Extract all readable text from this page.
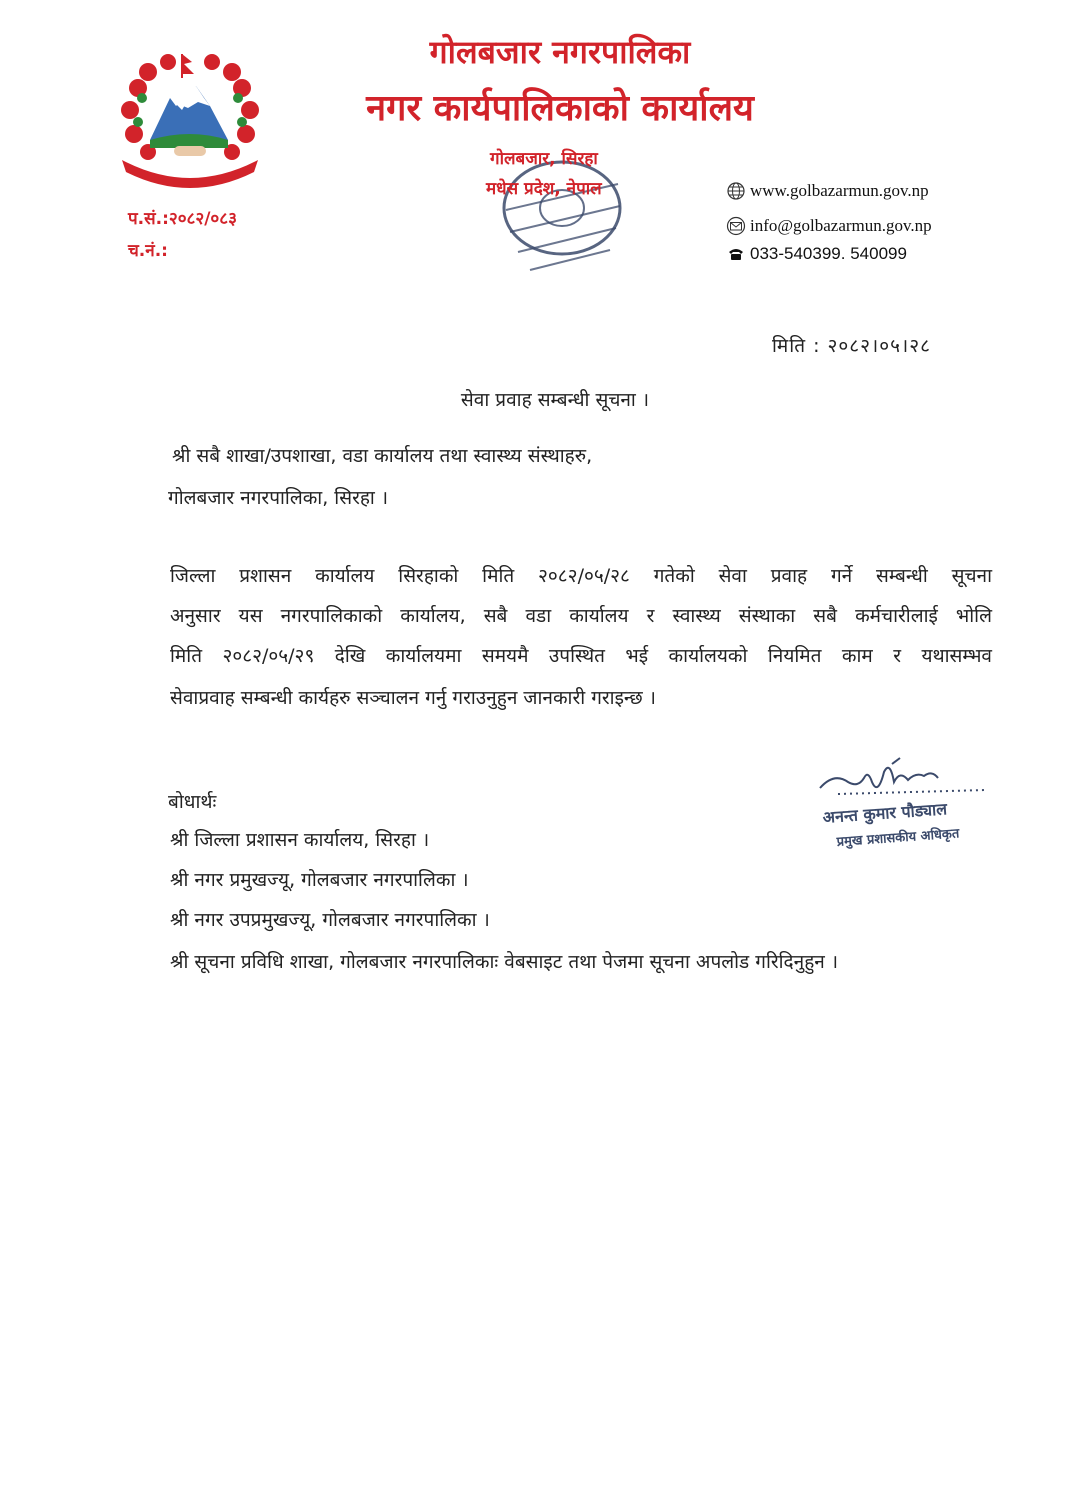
गोलबजार नगरपालिका
नगर कार्यपालिकाको कार्यालय
प.सं.:२०८२/०८३
च.नं.:
गोलबजार, सिरहा
मधेस प्रदेश, नेपाल	www.golbazarmun.gov.np
info@golbazarmun.gov.np
033-540399. 540099
मिति : २०८२।०५।२८
सेवा प्रवाह सम्बन्धी सूचना ।
श्री सबै शाखा/उपशाखा, वडा कार्यालय तथा स्वास्थ्य संस्थाहरु,
गोलबजार नगरपालिका, सिरहा ।
जिल्ला प्रशासन कार्यालय सिरहाको मिति २०८२/०५/२८ गतेको सेवा प्रवाह गर्ने सम्बन्धी सूचना
अनुसार यस नगरपालिकाको कार्यालय, सबै वडा कार्यालय र स्वास्थ्य संस्थाका सबै कर्मचारीलाई भोलि
मिति २०८२/०५/२९ देखि कार्यालयमा समयमै उपस्थित भई कार्यालयको नियमित काम र यथासम्भव
सेवाप्रवाह सम्बन्धी कार्यहरु सञ्चालन गर्नु गराउनुहुन जानकारी गराइन्छ ।
अनन्त कुमार पौड्याल
प्रमुख प्रशासकीय अधिकृत
बोधार्थः
श्री जिल्ला प्रशासन कार्यालय, सिरहा ।
श्री नगर प्रमुखज्यू, गोलबजार नगरपालिका ।
श्री नगर उपप्रमुखज्यू, गोलबजार नगरपालिका ।
श्री सूचना प्रविधि शाखा, गोलबजार नगरपालिकाः वेबसाइट तथा पेजमा सूचना अपलोड गरिदिनुहुन ।
